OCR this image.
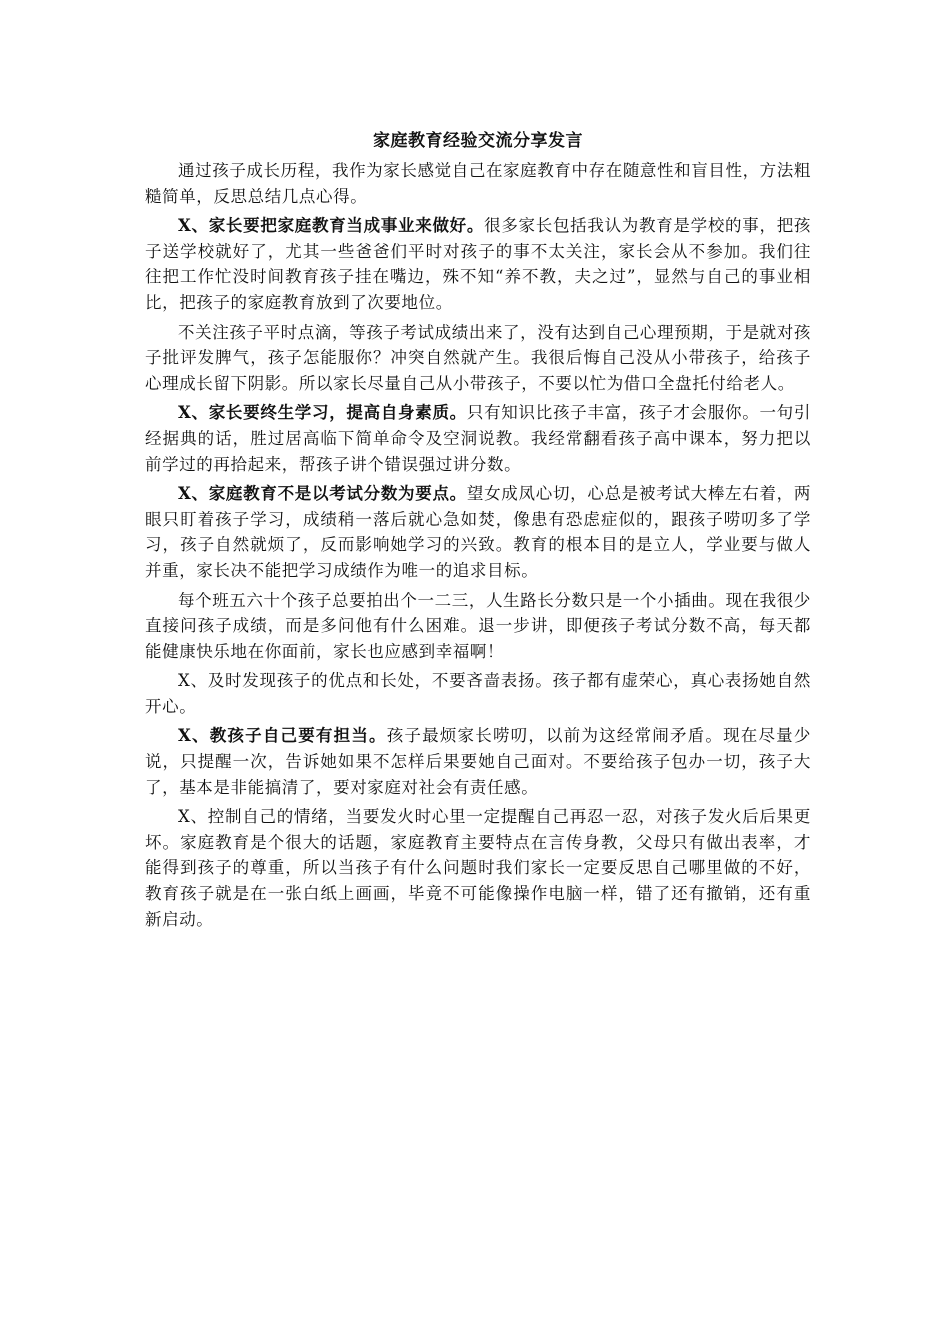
家庭教育经验交流分享发言

通过孩子成长历程，我作为家长感觉自己在家庭教育中存在随意性和盲目性，方法粗糙简单，反思总结几点心得。

X、家长要把家庭教育当成事业来做好。很多家长包括我认为教育是学校的事，把孩子送学校就好了，尤其一些爸爸们平时对孩子的事不太关注，家长会从不参加。我们往往把工作忙没时间教育孩子挂在嘴边，殊不知“养不教，夫之过”，显然与自己的事业相比，把孩子的家庭教育放到了次要地位。

不关注孩子平时点滴，等孩子考试成绩出来了，没有达到自己心理预期，于是就对孩子批评发脾气，孩子怎能服你？冲突自然就产生。我很后悔自己没从小带孩子，给孩子心理成长留下阴影。所以家长尽量自己从小带孩子，不要以忙为借口全盘托付给老人。

X、家长要终生学习，提高自身素质。只有知识比孩子丰富，孩子才会服你。一句引经据典的话，胜过居高临下简单命令及空洞说教。我经常翻看孩子高中课本，努力把以前学过的再拾起来，帮孩子讲个错误强过讲分数。

X、家庭教育不是以考试分数为要点。望女成凤心切，心总是被考试大棒左右着，两眼只盯着孩子学习，成绩稍一落后就心急如焚，像患有恐虑症似的，跟孩子唠叨多了学习，孩子自然就烦了，反而影响她学习的兴致。教育的根本目的是立人，学业要与做人并重，家长决不能把学习成绩作为唯一的追求目标。

每个班五六十个孩子总要拍出个一二三，人生路长分数只是一个小插曲。现在我很少直接问孩子成绩，而是多问他有什么困难。退一步讲，即便孩子考试分数不高，每天都能健康快乐地在你面前，家长也应感到幸福啊！

X、及时发现孩子的优点和长处，不要吝啬表扬。孩子都有虚荣心，真心表扬她自然开心。

X、教孩子自己要有担当。孩子最烦家长唠叨，以前为这经常闹矛盾。现在尽量少说，只提醒一次，告诉她如果不怎样后果要她自己面对。不要给孩子包办一切，孩子大了，基本是非能搞清了，要对家庭对社会有责任感。

X、控制自己的情绪，当要发火时心里一定提醒自己再忍一忍，对孩子发火后后果更坏。家庭教育是个很大的话题，家庭教育主要特点在言传身教，父母只有做出表率，才能得到孩子的尊重，所以当孩子有什么问题时我们家长一定要反思自己哪里做的不好，教育孩子就是在一张白纸上画画，毕竟不可能像操作电脑一样，错了还有撤销，还有重新启动。
